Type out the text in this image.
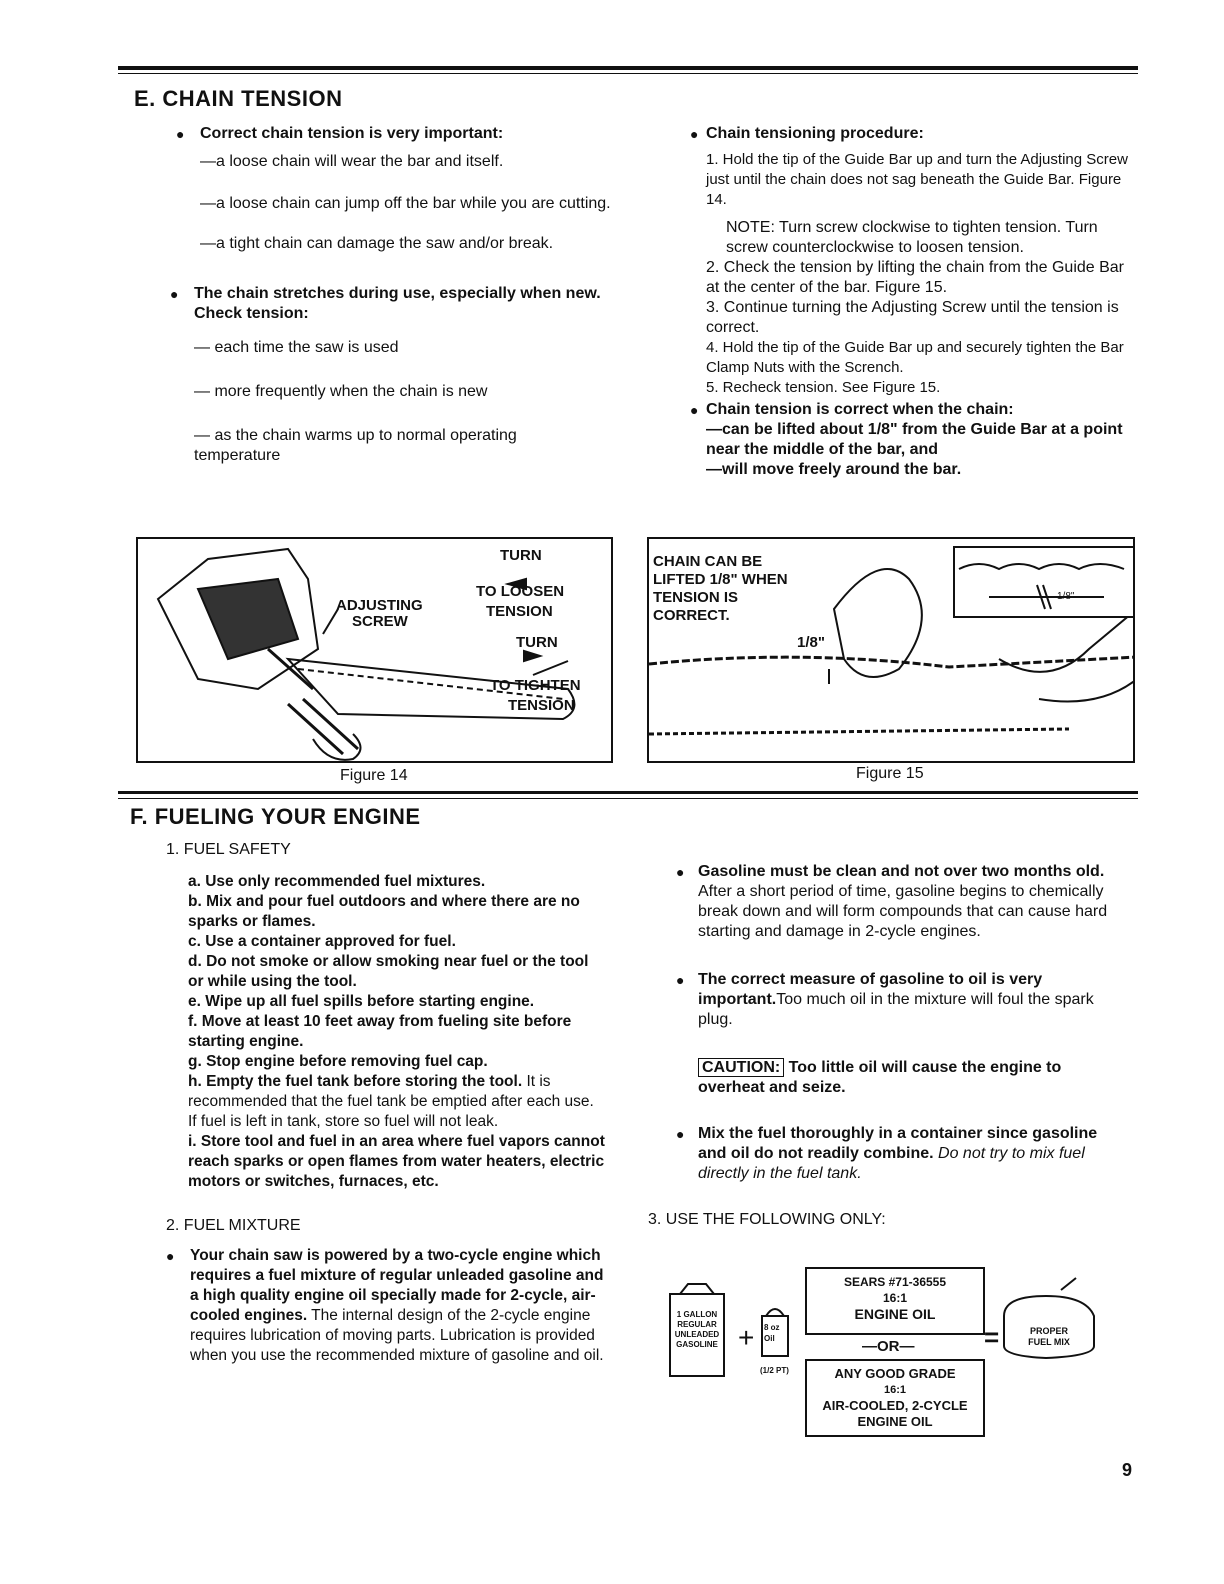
E. CHAIN TENSION
● Correct chain tension is very important:
—a loose chain will wear the bar and itself.
—a loose chain can jump off the bar while you are cutting.
—a tight chain can damage the saw and/or break.
● The chain stretches during use, especially when new. Check tension:
— each time the saw is used
— more frequently when the chain is new
— as the chain warms up to normal operating temperature
● Chain tensioning procedure:
1. Hold the tip of the Guide Bar up and turn the Adjusting Screw just until the chain does not sag beneath the Guide Bar. Figure 14.
NOTE: Turn screw clockwise to tighten tension. Turn screw counterclockwise to loosen tension.
2. Check the tension by lifting the chain from the Guide Bar at the center of the bar. Figure 15.
3. Continue turning the Adjusting Screw until the tension is correct.
4. Hold the tip of the Guide Bar up and securely tighten the Bar Clamp Nuts with the Scrench.
5. Recheck tension. See Figure 15.
● Chain tension is correct when the chain:
—can be lifted about 1/8" from the Guide Bar at a point near the middle of the bar, and
—will move freely around the bar.
TURN
TO LOOSEN
TENSION
TURN
TO TIGHTEN
TENSION
ADJUSTING
SCREW
Figure 14
CHAIN CAN BE
LIFTED 1/8" WHEN
TENSION IS
CORRECT.
1/8"
1/8"
Figure 15
F. FUELING YOUR ENGINE
1. FUEL SAFETY
a. Use only recommended fuel mixtures.
b. Mix and pour fuel outdoors and where there are no sparks or flames.
c. Use a container approved for fuel.
d. Do not smoke or allow smoking near fuel or the tool or while using the tool.
e. Wipe up all fuel spills before starting engine.
f. Move at least 10 feet away from fueling site before starting engine.
g. Stop engine before removing fuel cap.
h. Empty the fuel tank before storing the tool. It is recommended that the fuel tank be emptied after each use. If fuel is left in tank, store so fuel will not leak.
i. Store tool and fuel in an area where fuel vapors cannot reach sparks or open flames from water heaters, electric motors or switches, furnaces, etc.
2. FUEL MIXTURE
● Your chain saw is powered by a two-cycle engine which requires a fuel mixture of regular unleaded gasoline and a high quality engine oil specially made for 2-cycle, air-cooled engines. The internal design of the 2-cycle engine requires lubrication of moving parts. Lubrication is provided when you use the recommended mixture of gasoline and oil.
● Gasoline must be clean and not over two months old. After a short period of time, gasoline begins to chemically break down and will form compounds that can cause hard starting and damage in 2-cycle engines.
● The correct measure of gasoline to oil is very important.Too much oil in the mixture will foul the spark plug.
CAUTION: Too little oil will cause the engine to overheat and seize.
● Mix the fuel thoroughly in a container since gasoline and oil do not readily combine. Do not try to mix fuel directly in the fuel tank.
3. USE THE FOLLOWING ONLY:
1 GALLON
REGULAR
UNLEADED
GASOLINE + 8 oz
Oil
(1/2 PT)
SEARS #71-36555
16:1
ENGINE OIL
—OR—
ANY GOOD GRADE
16:1
AIR-COOLED, 2-CYCLE
ENGINE OIL
=	PROPER
FUEL MIX
9
